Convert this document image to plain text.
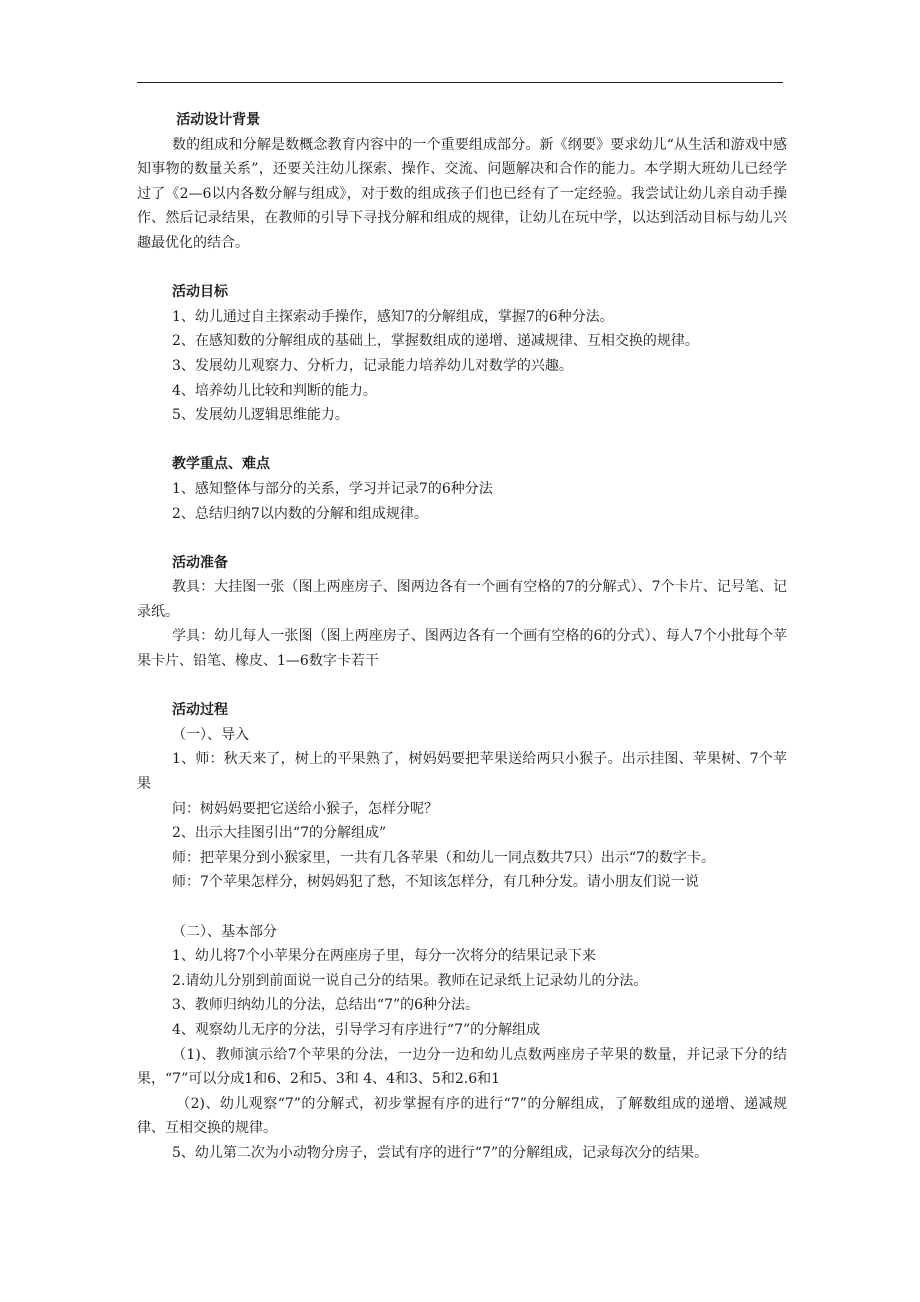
活动设计背景

数的组成和分解是数概念教育内容中的一个重要组成部分。新《纲要》要求幼儿“从生活和游戏中感知事物的数量关系”，还要关注幼儿探索、操作、交流、问题解决和合作的能力。本学期大班幼儿已经学过了《2—6以内各数分解与组成》，对于数的组成孩子们也已经有了一定经验。我尝试让幼儿亲自动手操作、然后记录结果，在教师的引导下寻找分解和组成的规律，让幼儿在玩中学，以达到活动目标与幼儿兴趣最优化的结合。

活动目标

1、幼儿通过自主探索动手操作，感知7的分解组成，掌握7的6种分法。

2、在感知数的分解组成的基础上，掌握数组成的递增、递减规律、互相交换的规律。

3、发展幼儿观察力、分析力，记录能力培养幼儿对数学的兴趣。

4、培养幼儿比较和判断的能力。

5、发展幼儿逻辑思维能力。

教学重点、难点

1、感知整体与部分的关系，学习并记录7的6种分法

2、总结归纳7以内数的分解和组成规律。

活动准备

教具：大挂图一张（图上两座房子、图两边各有一个画有空格的7的分解式）、7个卡片、记号笔、记录纸。

学具：幼儿每人一张图（图上两座房子、图两边各有一个画有空格的6的分式）、每人7个小批每个苹果卡片、铅笔、橡皮、1—6数字卡若干

活动过程

（一）、导入

1、师：秋天来了，树上的平果熟了，树妈妈要把苹果送给两只小猴子。出示挂图、苹果树、7个苹果

问：树妈妈要把它送给小猴子，怎样分呢？

2、出示大挂图引出“7的分解组成”

师：把苹果分到小猴家里，一共有几各苹果（和幼儿一同点数共7只）出示“7的数字卡。

师：7个苹果怎样分，树妈妈犯了愁，不知该怎样分，有几种分发。请小朋友们说一说

（二）、基本部分

1、幼儿将7个小苹果分在两座房子里，每分一次将分的结果记录下来

2.请幼儿分别到前面说一说自己分的结果。教师在记录纸上记录幼儿的分法。

3、教师归纳幼儿的分法，总结出“7”的6种分法。

4、观察幼儿无序的分法，引导学习有序进行“7”的分解组成

（1)、教师演示给7个苹果的分法，一边分一边和幼儿点数两座房子苹果的数量，并记录下分的结果，“7”可以分成1和6、2和5、3和 4、4和3、5和2.6和1

（2)、幼儿观察“7”的分解式，初步掌握有序的进行“7”的分解组成，了解数组成的递增、递减规律、互相交换的规律。

5、幼儿第二次为小动物分房子，尝试有序的进行“7”的分解组成，记录每次分的结果。
